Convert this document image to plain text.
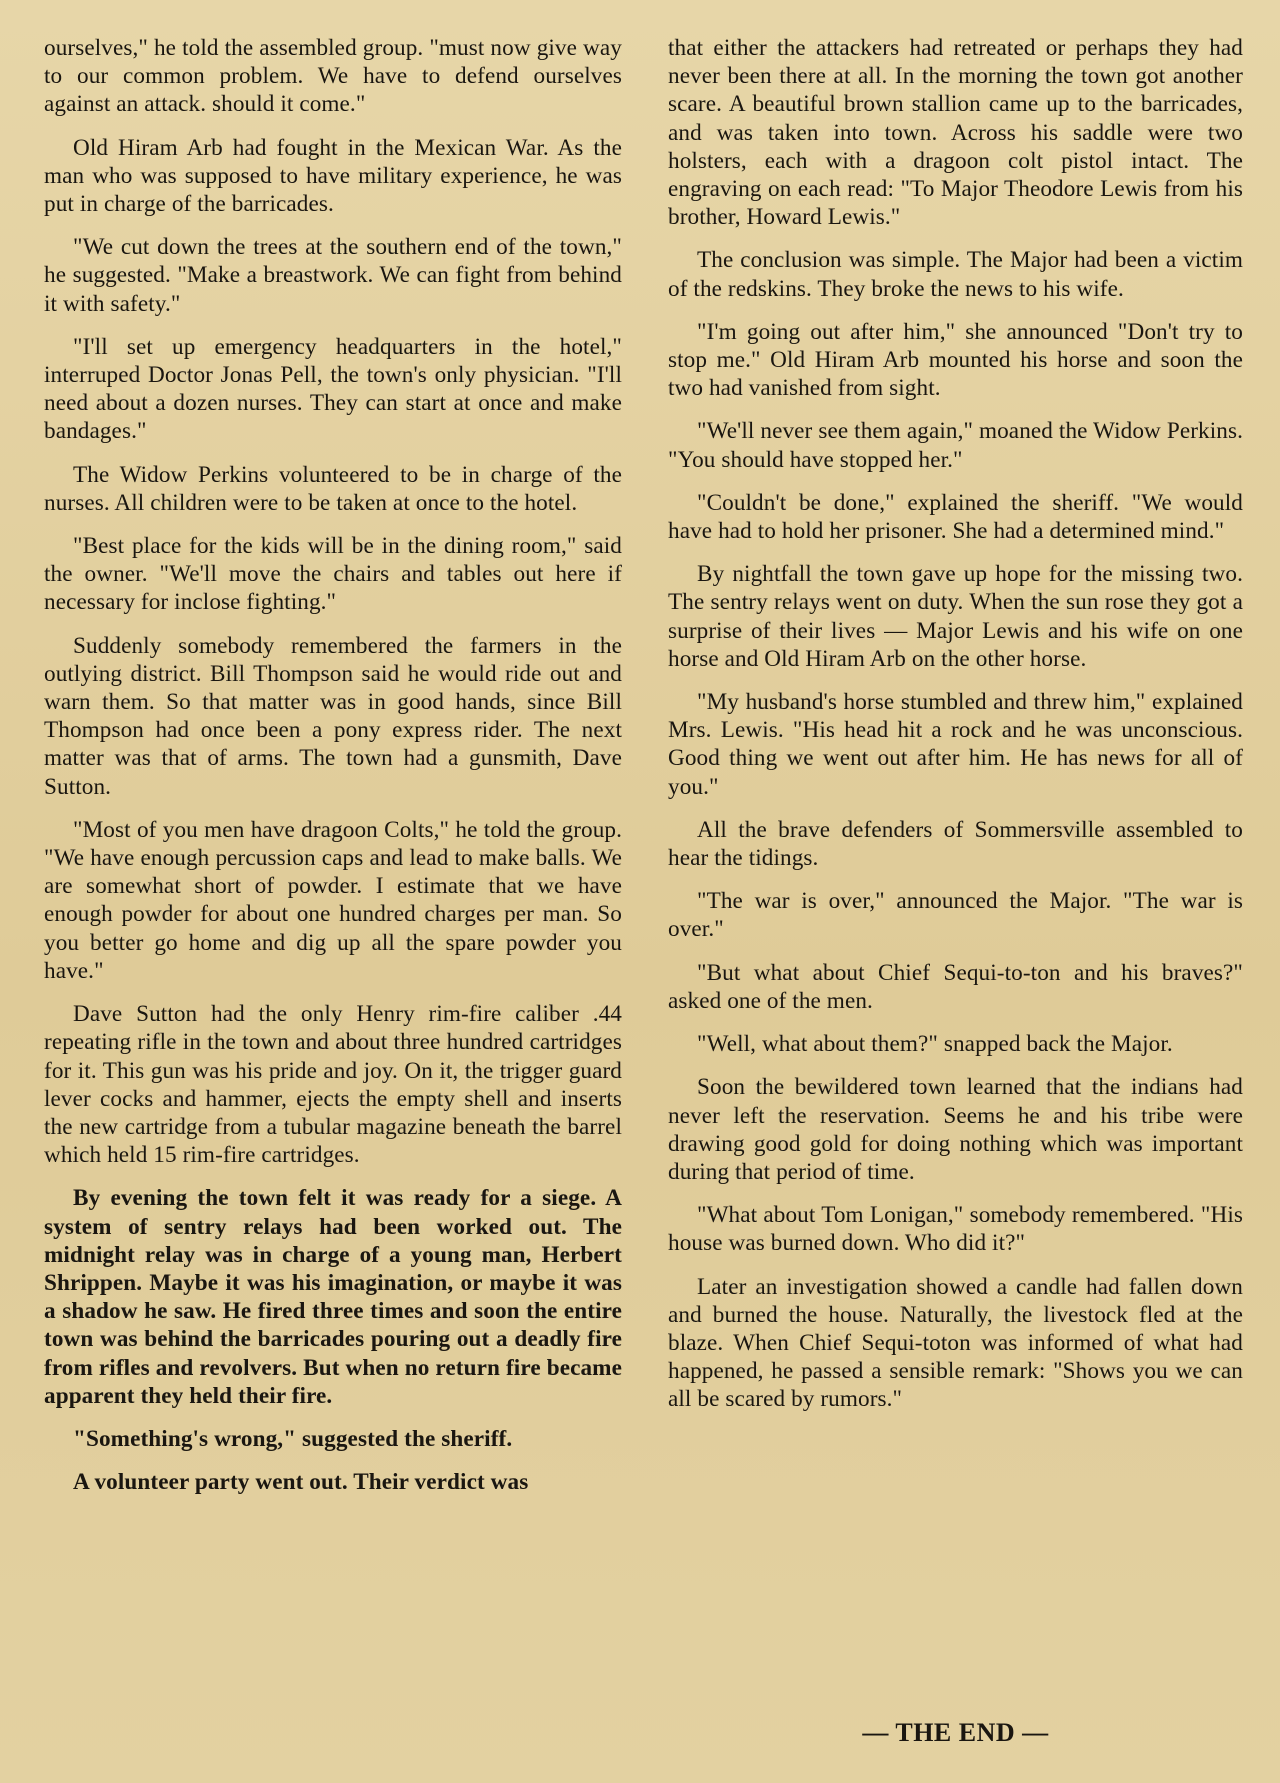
ourselves," he told the assembled group. "must now give way to our common problem. We have to defend ourselves against an attack. should it come."

Old Hiram Arb had fought in the Mexican War. As the man who was supposed to have military experience, he was put in charge of the barricades.

"We cut down the trees at the southern end of the town," he suggested. "Make a breastwork. We can fight from behind it with safety."

"I'll set up emergency headquarters in the hotel," interruped Doctor Jonas Pell, the town's only physician. "I'll need about a dozen nurses. They can start at once and make bandages."

The Widow Perkins volunteered to be in charge of the nurses. All children were to be taken at once to the hotel.

"Best place for the kids will be in the dining room," said the owner. "We'll move the chairs and tables out here if necessary for inclose fighting."

Suddenly somebody remembered the farmers in the outlying district. Bill Thompson said he would ride out and warn them. So that matter was in good hands, since Bill Thompson had once been a pony express rider. The next matter was that of arms. The town had a gunsmith, Dave Sutton.

"Most of you men have dragoon Colts," he told the group. "We have enough percussion caps and lead to make balls. We are somewhat short of powder. I estimate that we have enough powder for about one hundred charges per man. So you better go home and dig up all the spare powder you have."

Dave Sutton had the only Henry rim-fire caliber .44 repeating rifle in the town and about three hundred cartridges for it. This gun was his pride and joy. On it, the trigger guard lever cocks and hammer, ejects the empty shell and inserts the new cartridge from a tubular magazine beneath the barrel which held 15 rim-fire cartridges.

By evening the town felt it was ready for a siege. A system of sentry relays had been worked out. The midnight relay was in charge of a young man, Herbert Shrippen. Maybe it was his imagination, or maybe it was a shadow he saw. He fired three times and soon the entire town was behind the barricades pouring out a deadly fire from rifles and revolvers. But when no return fire became apparent they held their fire.

"Something's wrong," suggested the sheriff.

A volunteer party went out. Their verdict was

that either the attackers had retreated or perhaps they had never been there at all. In the morning the town got another scare. A beautiful brown stallion came up to the barricades, and was taken into town. Across his saddle were two holsters, each with a dragoon colt pistol intact. The engraving on each read: "To Major Theodore Lewis from his brother, Howard Lewis."

The conclusion was simple. The Major had been a victim of the redskins. They broke the news to his wife.

"I'm going out after him," she announced "Don't try to stop me." Old Hiram Arb mounted his horse and soon the two had vanished from sight.

"We'll never see them again," moaned the Widow Perkins. "You should have stopped her."

"Couldn't be done," explained the sheriff. "We would have had to hold her prisoner. She had a determined mind."

By nightfall the town gave up hope for the missing two. The sentry relays went on duty. When the sun rose they got a surprise of their lives — Major Lewis and his wife on one horse and Old Hiram Arb on the other horse.

"My husband's horse stumbled and threw him," explained Mrs. Lewis. "His head hit a rock and he was unconscious. Good thing we went out after him. He has news for all of you."

All the brave defenders of Sommersville assembled to hear the tidings.

"The war is over," announced the Major. "The war is over."

"But what about Chief Sequi-to-ton and his braves?" asked one of the men.

"Well, what about them?" snapped back the Major.

Soon the bewildered town learned that the indians had never left the reservation. Seems he and his tribe were drawing good gold for doing nothing which was important during that period of time.

"What about Tom Lonigan," somebody remembered. "His house was burned down. Who did it?"

Later an investigation showed a candle had fallen down and burned the house. Naturally, the livestock fled at the blaze. When Chief Sequi-toton was informed of what had happened, he passed a sensible remark: "Shows you we can all be scared by rumors."

— THE END —
